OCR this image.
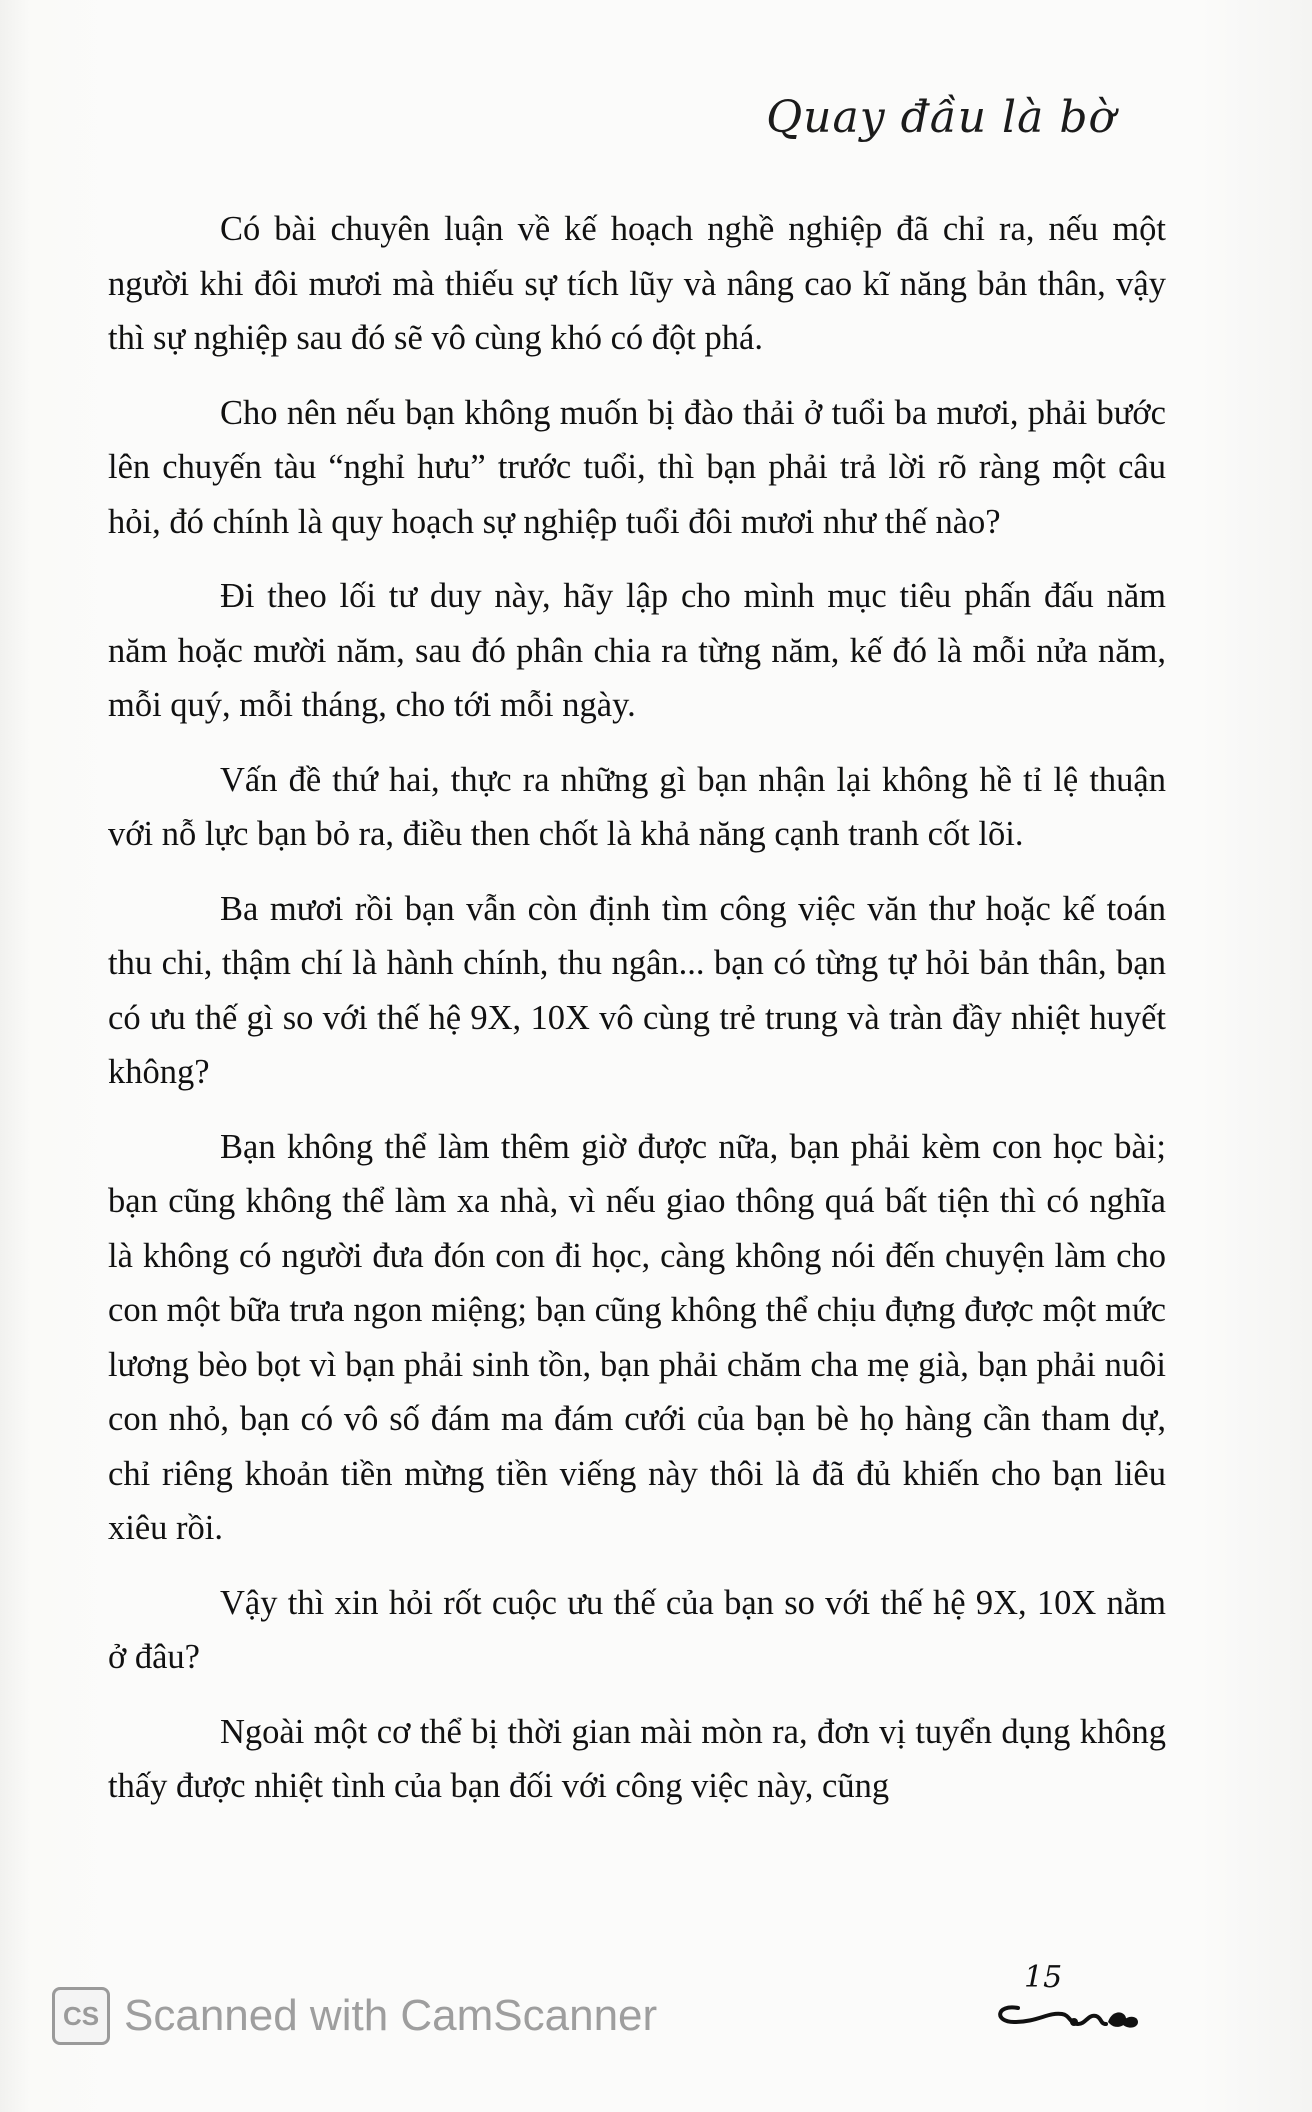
Quay đầu là bờ

Có bài chuyên luận về kế hoạch nghề nghiệp đã chỉ ra, nếu một người khi đôi mươi mà thiếu sự tích lũy và nâng cao kĩ năng bản thân, vậy thì sự nghiệp sau đó sẽ vô cùng khó có đột phá.

Cho nên nếu bạn không muốn bị đào thải ở tuổi ba mươi, phải bước lên chuyến tàu “nghỉ hưu” trước tuổi, thì bạn phải trả lời rõ ràng một câu hỏi, đó chính là quy hoạch sự nghiệp tuổi đôi mươi như thế nào?

Đi theo lối tư duy này, hãy lập cho mình mục tiêu phấn đấu năm năm hoặc mười năm, sau đó phân chia ra từng năm, kế đó là mỗi nửa năm, mỗi quý, mỗi tháng, cho tới mỗi ngày.

Vấn đề thứ hai, thực ra những gì bạn nhận lại không hề tỉ lệ thuận với nỗ lực bạn bỏ ra, điều then chốt là khả năng cạnh tranh cốt lõi.

Ba mươi rồi bạn vẫn còn định tìm công việc văn thư hoặc kế toán thu chi, thậm chí là hành chính, thu ngân... bạn có từng tự hỏi bản thân, bạn có ưu thế gì so với thế hệ 9X, 10X vô cùng trẻ trung và tràn đầy nhiệt huyết không?

Bạn không thể làm thêm giờ được nữa, bạn phải kèm con học bài; bạn cũng không thể làm xa nhà, vì nếu giao thông quá bất tiện thì có nghĩa là không có người đưa đón con đi học, càng không nói đến chuyện làm cho con một bữa trưa ngon miệng; bạn cũng không thể chịu đựng được một mức lương bèo bọt vì bạn phải sinh tồn, bạn phải chăm cha mẹ già, bạn phải nuôi con nhỏ, bạn có vô số đám ma đám cưới của bạn bè họ hàng cần tham dự, chỉ riêng khoản tiền mừng tiền viếng này thôi là đã đủ khiến cho bạn liêu xiêu rồi.

Vậy thì xin hỏi rốt cuộc ưu thế của bạn so với thế hệ 9X, 10X nằm ở đâu?

Ngoài một cơ thể bị thời gian mài mòn ra, đơn vị tuyển dụng không thấy được nhiệt tình của bạn đối với công việc này, cũng

15
CS Scanned with CamScanner
